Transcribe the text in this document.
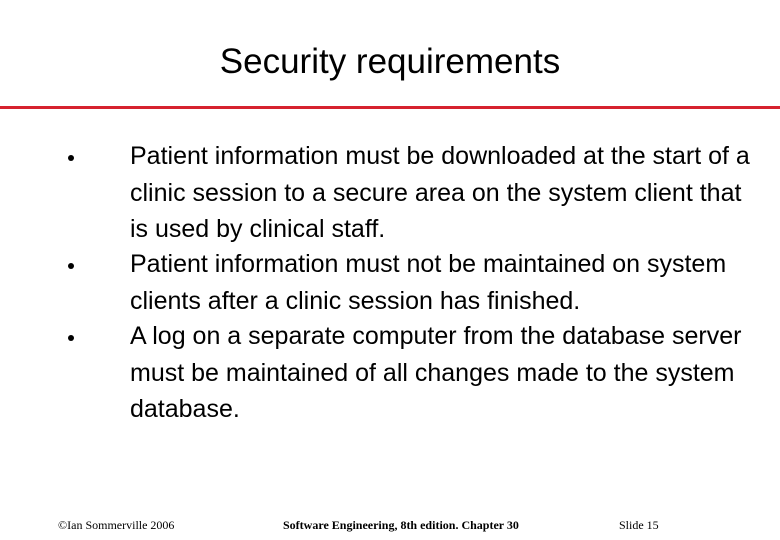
Security requirements
Patient information must be downloaded at the start of a clinic session to a secure area on the system client that is used by clinical staff.
Patient information must not be maintained on system clients after a clinic session has finished.
A log on a separate computer from the database server must be maintained of all changes made to the system database.
©Ian Sommerville 2006	Software Engineering, 8th edition. Chapter 30	Slide 15
